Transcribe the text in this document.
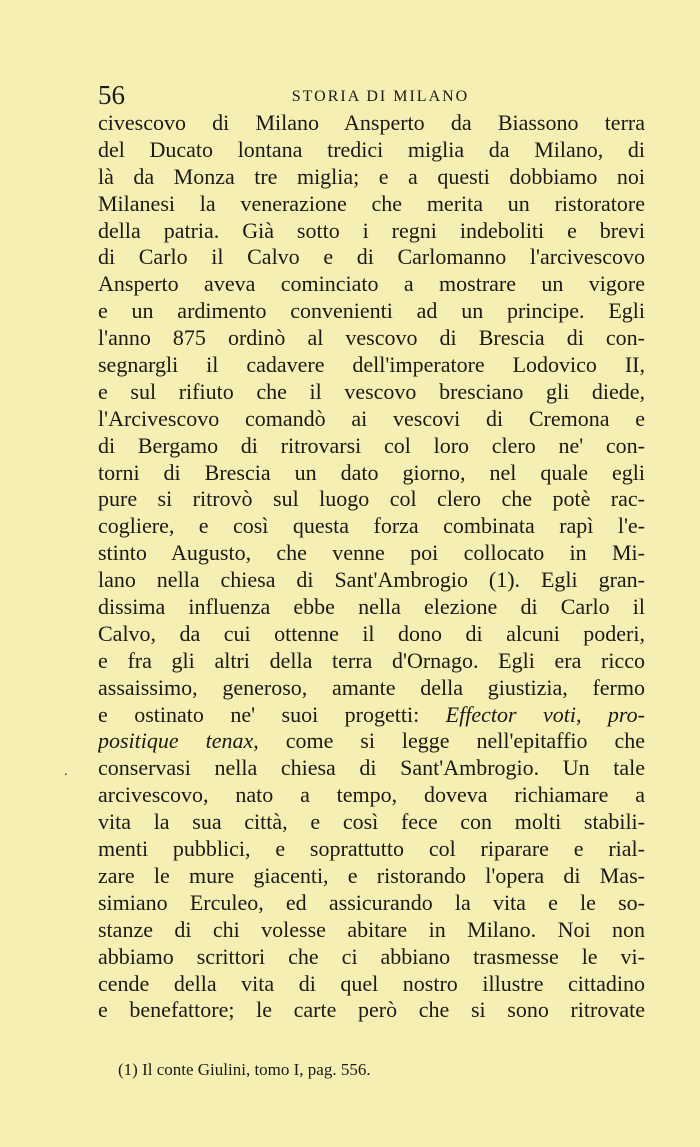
56	STORIA DI MILANO
civescovo di Milano Ansperto da Biassono terra
del Ducato lontana tredici miglia da Milano, di
là da Monza tre miglia; e a questi dobbiamo noi
Milanesi la venerazione che merita un ristoratore
della patria. Già sotto i regni indeboliti e brevi
di Carlo il Calvo e di Carlomanno l'arcivescovo
Ansperto aveva cominciato a mostrare un vigore
e un ardimento convenienti ad un principe. Egli
l'anno 875 ordinò al vescovo di Brescia di con-
segnargli il cadavere dell'imperatore Lodovico II,
e sul rifiuto che il vescovo bresciano gli diede,
l'Arcivescovo comandò ai vescovi di Cremona e
di Bergamo di ritrovarsi col loro clero ne' con-
torni di Brescia un dato giorno, nel quale egli
pure si ritrovò sul luogo col clero che potè rac-
cogliere, e così questa forza combinata rapì l'e-
stinto Augusto, che venne poi collocato in Mi-
lano nella chiesa di Sant'Ambrogio (1). Egli gran-
dissima influenza ebbe nella elezione di Carlo il
Calvo, da cui ottenne il dono di alcuni poderi,
e fra gli altri della terra d'Ornago. Egli era ricco
assaissimo, generoso, amante della giustizia, fermo
e ostinato ne' suoi progetti: Effector voti, pro-
positique tenax, come si legge nell'epitaffio che
conservasi nella chiesa di Sant'Ambrogio. Un tale
arcivescovo, nato a tempo, doveva richiamare a
vita la sua città, e così fece con molti stabili-
menti pubblici, e soprattutto col riparare e rial-
zare le mure giacenti, e ristorando l'opera di Mas-
simiano Erculeo, ed assicurando la vita e le so-
stanze di chi volesse abitare in Milano. Noi non
abbiamo scrittori che ci abbiano trasmesse le vi-
cende della vita di quel nostro illustre cittadino
e benefattore; le carte però che si sono ritrovate
.
(1) Il conte Giulini, tomo I, pag. 556.
